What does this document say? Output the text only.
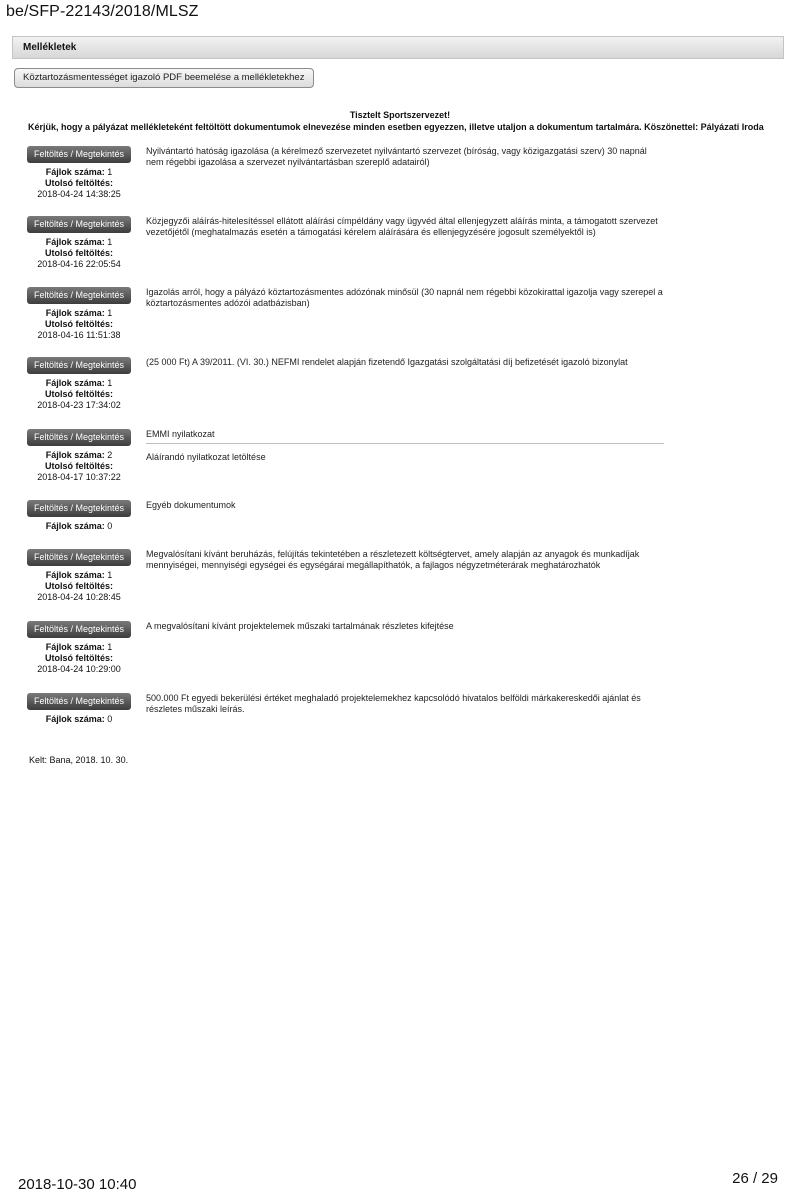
be/SFP-22143/2018/MLSZ
Mellékletek
Köztartozásmentességet igazoló PDF beemelése a mellékletekhez
Tisztelt Sportszervezet!
Kérjük, hogy a pályázat mellékleteként feltöltött dokumentumok elnevezése minden esetben egyezzen, illetve utaljon a dokumentum tartalmára. Köszönettel: Pályázati Iroda
Feltöltés / Megtekintés
Fájlok száma: 1
Utolsó feltöltés:
2018-04-24 14:38:25
Nyilvántartó hatóság igazolása (a kérelmező szervezetet nyilvántartó szervezet (bíróság, vagy közigazgatási szerv) 30 napnál nem régebbi igazolása a szervezet nyilvántartásban szereplő adatairól)
Feltöltés / Megtekintés
Fájlok száma: 1
Utolsó feltöltés:
2018-04-16 22:05:54
Közjegyzői aláírás-hitelesítéssel ellátott aláírási címpéldány vagy ügyvéd által ellenjegyzett aláírás minta, a támogatott szervezet vezetőjétől (meghatalmazás esetén a támogatási kérelem aláírására és ellenjegyzésére jogosult személyektől is)
Feltöltés / Megtekintés
Fájlok száma: 1
Utolsó feltöltés:
2018-04-16 11:51:38
Igazolás arról, hogy a pályázó köztartozásmentes adózónak minősül (30 napnál nem régebbi közokirattal igazolja vagy szerepel a köztartozásmentes adózói adatbázisban)
Feltöltés / Megtekintés
Fájlok száma: 1
Utolsó feltöltés:
2018-04-23 17:34:02
(25 000 Ft) A 39/2011. (VI. 30.) NEFMI rendelet alapján fizetendő Igazgatási szolgáltatási díj befizetését igazoló bizonylat
Feltöltés / Megtekintés
Fájlok száma: 2
Utolsó feltöltés:
2018-04-17 10:37:22
EMMI nyilatkozat
Aláírandó nyilatkozat letöltése
Feltöltés / Megtekintés
Fájlok száma: 0
Egyéb dokumentumok
Feltöltés / Megtekintés
Fájlok száma: 1
Utolsó feltöltés:
2018-04-24 10:28:45
Megvalósítani kívánt beruházás, felújítás tekintetében a részletezett költségtervet, amely alapján az anyagok és munkadíjak mennyiségei, mennyiségi egységei és egységárai megállapíthatók, a fajlagos négyzetméterárak meghatározhatók
Feltöltés / Megtekintés
Fájlok száma: 1
Utolsó feltöltés:
2018-04-24 10:29:00
A megvalósítani kívánt projektelemek műszaki tartalmának részletes kifejtése
Feltöltés / Megtekintés
Fájlok száma: 0
500.000 Ft egyedi bekerülési értéket meghaladó projektelemekhez kapcsolódó hivatalos belföldi márkakereskedői ajánlat és részletes műszaki leírás.
Kelt: Bana, 2018. 10. 30.
2018-10-30 10:40	26 / 29
